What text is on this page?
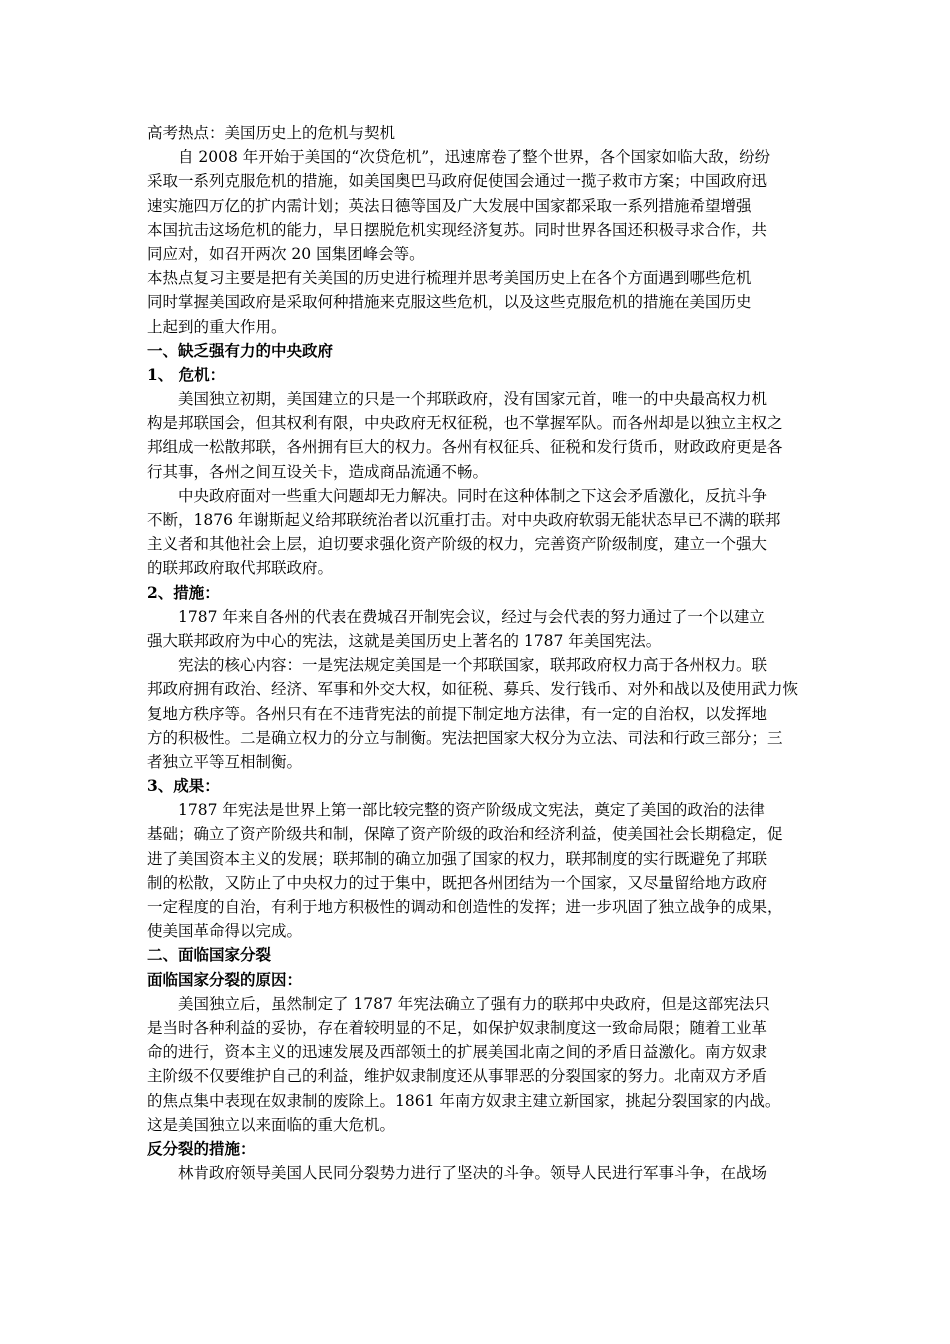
高考热点：美国历史上的危机与契机
自 2008 年开始于美国的“次贷危机”，迅速席卷了整个世界，各个国家如临大敌，纷纷
采取一系列克服危机的措施，如美国奥巴马政府促使国会通过一揽子救市方案；中国政府迅
速实施四万亿的扩内需计划；英法日德等国及广大发展中国家都采取一系列措施希望增强
本国抗击这场危机的能力，早日摆脱危机实现经济复苏。同时世界各国还积极寻求合作，共
同应对，如召开两次 20 国集团峰会等。
本热点复习主要是把有关美国的历史进行梳理并思考美国历史上在各个方面遇到哪些危机
同时掌握美国政府是采取何种措施来克服这些危机，以及这些克服危机的措施在美国历史
上起到的重大作用。
一、缺乏强有力的中央政府
1、 危机：
美国独立初期，美国建立的只是一个邦联政府，没有国家元首，唯一的中央最高权力机
构是邦联国会，但其权利有限，中央政府无权征税，也不掌握军队。而各州却是以独立主权之
邦组成一松散邦联，各州拥有巨大的权力。各州有权征兵、征税和发行货币，财政政府更是各
行其事，各州之间互设关卡，造成商品流通不畅。
中央政府面对一些重大问题却无力解决。同时在这种体制之下这会矛盾激化，反抗斗争
不断，1876 年谢斯起义给邦联统治者以沉重打击。对中央政府软弱无能状态早已不满的联邦
主义者和其他社会上层，迫切要求强化资产阶级的权力，完善资产阶级制度，建立一个强大
的联邦政府取代邦联政府。
2、措施：
1787 年来自各州的代表在费城召开制宪会议，经过与会代表的努力通过了一个以建立
强大联邦政府为中心的宪法，这就是美国历史上著名的 1787 年美国宪法。
宪法的核心内容：一是宪法规定美国是一个邦联国家，联邦政府权力高于各州权力。联
邦政府拥有政治、经济、军事和外交大权，如征税、募兵、发行钱币、对外和战以及使用武力恢
复地方秩序等。各州只有在不违背宪法的前提下制定地方法律，有一定的自治权，以发挥地
方的积极性。二是确立权力的分立与制衡。宪法把国家大权分为立法、司法和行政三部分；三
者独立平等互相制衡。
3、成果：
1787 年宪法是世界上第一部比较完整的资产阶级成文宪法，奠定了美国的政治的法律
基础；确立了资产阶级共和制，保障了资产阶级的政治和经济利益，使美国社会长期稳定，促
进了美国资本主义的发展；联邦制的确立加强了国家的权力，联邦制度的实行既避免了邦联
制的松散，又防止了中央权力的过于集中，既把各州团结为一个国家，又尽量留给地方政府
一定程度的自治，有利于地方积极性的调动和创造性的发挥；进一步巩固了独立战争的成果，
使美国革命得以完成。
二、面临国家分裂
面临国家分裂的原因：
美国独立后，虽然制定了 1787 年宪法确立了强有力的联邦中央政府，但是这部宪法只
是当时各种利益的妥协，存在着较明显的不足，如保护奴隶制度这一致命局限；随着工业革
命的进行，资本主义的迅速发展及西部领土的扩展美国北南之间的矛盾日益激化。南方奴隶
主阶级不仅要维护自己的利益，维护奴隶制度还从事罪恶的分裂国家的努力。北南双方矛盾
的焦点集中表现在奴隶制的废除上。1861 年南方奴隶主建立新国家，挑起分裂国家的内战。
这是美国独立以来面临的重大危机。
反分裂的措施：
林肯政府领导美国人民同分裂势力进行了坚决的斗争。领导人民进行军事斗争，在战场
